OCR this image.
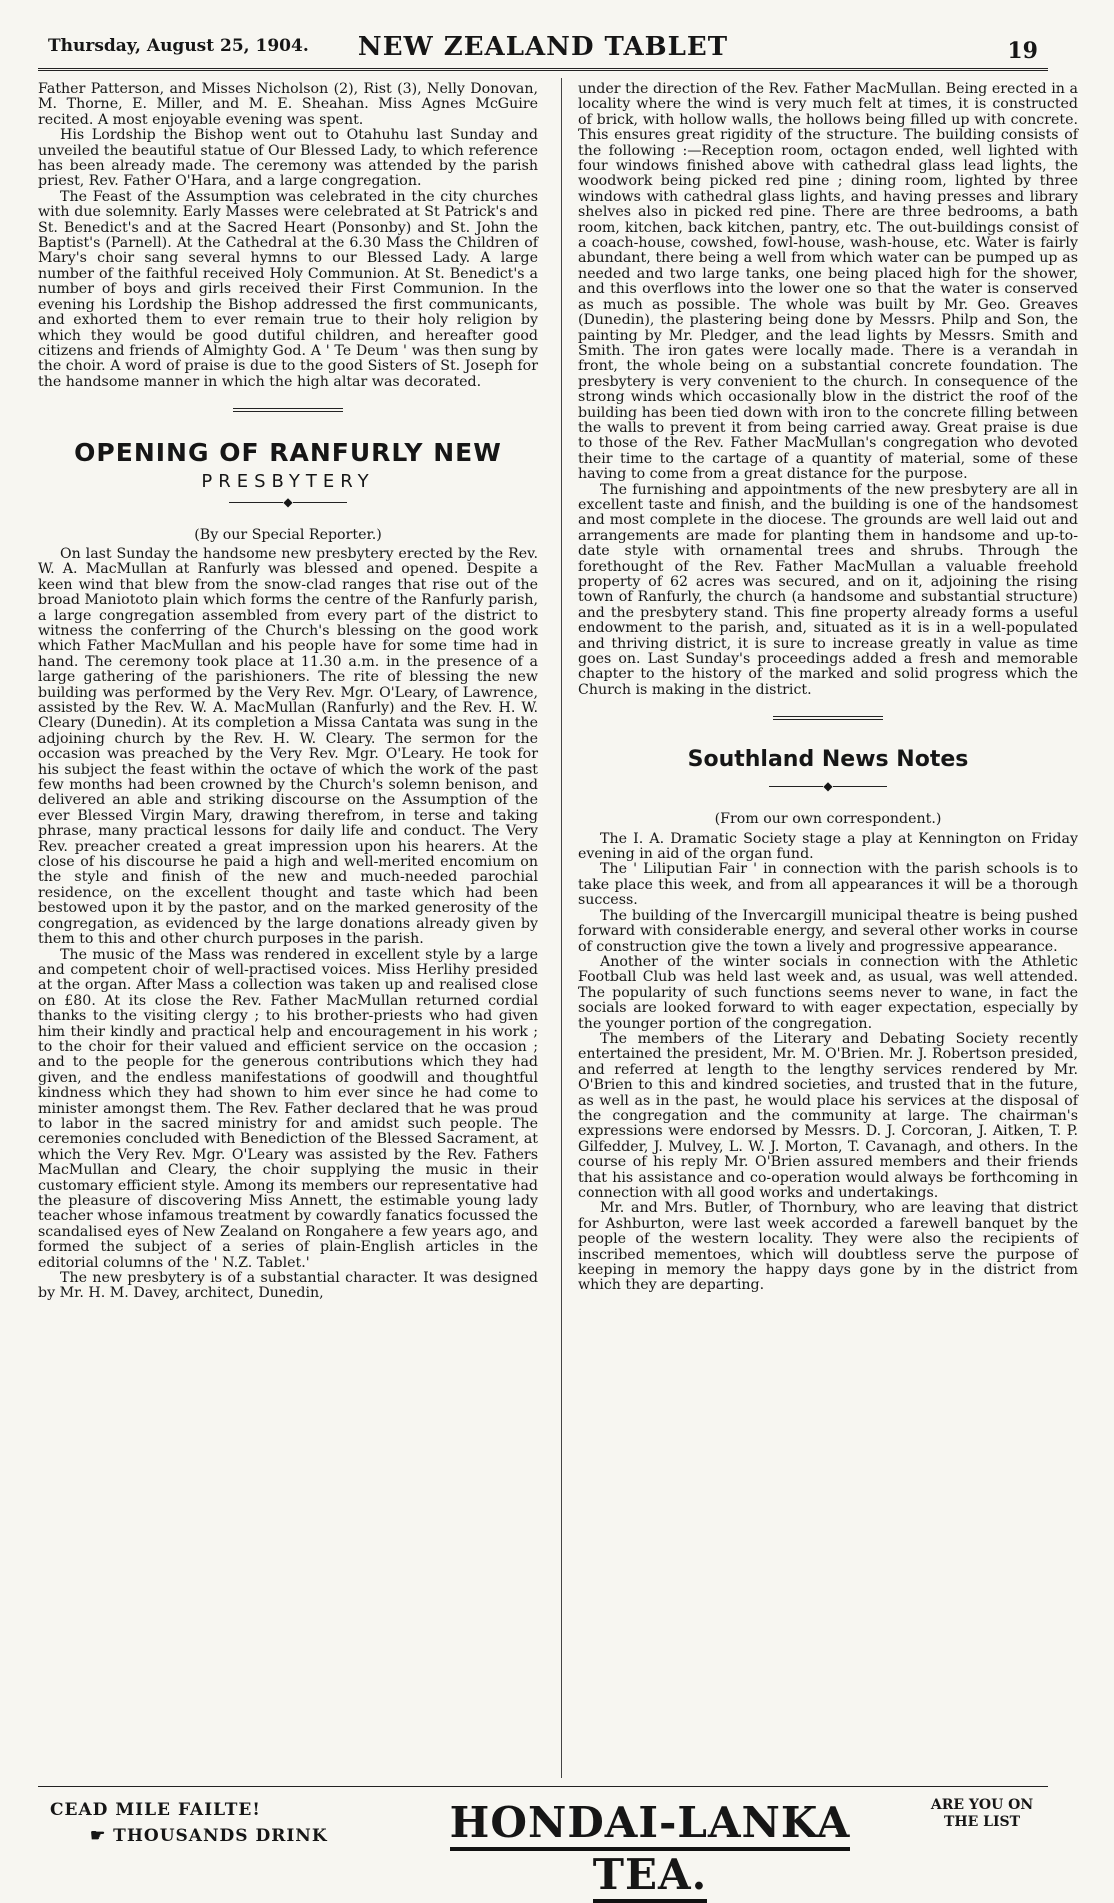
Thursday, August 25, 1904.	NEW ZEALAND TABLET	19

Father Patterson, and Misses Nicholson (2), Rist (3), Nelly Donovan, M. Thorne, E. Miller, and M. E. Sheahan. Miss Agnes McGuire recited. A most enjoyable evening was spent.

His Lordship the Bishop went out to Otahuhu last Sunday and unveiled the beautiful statue of Our Blessed Lady, to which reference has been already made. The ceremony was attended by the parish priest, Rev. Father O'Hara, and a large congregation.

The Feast of the Assumption was celebrated in the city churches with due solemnity. Early Masses were celebrated at St Patrick's and St. Benedict's and at the Sacred Heart (Ponsonby) and St. John the Baptist's (Parnell). At the Cathedral at the 6.30 Mass the Children of Mary's choir sang several hymns to our Blessed Lady. A large number of the faithful received Holy Communion. At St. Benedict's a number of boys and girls received their First Communion. In the evening his Lordship the Bishop addressed the first communicants, and exhorted them to ever remain true to their holy religion by which they would be good dutiful children, and hereafter good citizens and friends of Almighty God. A ' Te Deum ' was then sung by the choir. A word of praise is due to the good Sisters of St. Joseph for the handsome manner in which the high altar was decorated.

OPENING OF RANFURLY NEW
PRESBYTERY
◆
(By our Special Reporter.)

On last Sunday the handsome new presbytery erected by the Rev. W. A. MacMullan at Ranfurly was blessed and opened. Despite a keen wind that blew from the snow-clad ranges that rise out of the broad Maniototo plain which forms the centre of the Ranfurly parish, a large congregation assembled from every part of the district to witness the conferring of the Church's blessing on the good work which Father MacMullan and his people have for some time had in hand. The ceremony took place at 11.30 a.m. in the presence of a large gathering of the parishioners. The rite of blessing the new building was performed by the Very Rev. Mgr. O'Leary, of Lawrence, assisted by the Rev. W. A. MacMullan (Ranfurly) and the Rev. H. W. Cleary (Dunedin). At its completion a Missa Cantata was sung in the adjoining church by the Rev. H. W. Cleary. The sermon for the occasion was preached by the Very Rev. Mgr. O'Leary. He took for his subject the feast within the octave of which the work of the past few months had been crowned by the Church's solemn benison, and delivered an able and striking discourse on the Assumption of the ever Blessed Virgin Mary, drawing therefrom, in terse and taking phrase, many practical lessons for daily life and conduct. The Very Rev. preacher created a great impression upon his hearers. At the close of his discourse he paid a high and well-merited encomium on the style and finish of the new and much-needed parochial residence, on the excellent thought and taste which had been bestowed upon it by the pastor, and on the marked generosity of the congregation, as evidenced by the large donations already given by them to this and other church purposes in the parish.

The music of the Mass was rendered in excellent style by a large and competent choir of well-practised voices. Miss Herlihy presided at the organ. After Mass a collection was taken up and realised close on £80. At its close the Rev. Father MacMullan returned cordial thanks to the visiting clergy ; to his brother-priests who had given him their kindly and practical help and encouragement in his work ; to the choir for their valued and efficient service on the occasion ; and to the people for the generous contributions which they had given, and the endless manifestations of goodwill and thoughtful kindness which they had shown to him ever since he had come to minister amongst them. The Rev. Father declared that he was proud to labor in the sacred ministry for and amidst such people. The ceremonies concluded with Benediction of the Blessed Sacrament, at which the Very Rev. Mgr. O'Leary was assisted by the Rev. Fathers MacMullan and Cleary, the choir supplying the music in their customary efficient style. Among its members our representative had the pleasure of discovering Miss Annett, the estimable young lady teacher whose infamous treatment by cowardly fanatics focussed the scandalised eyes of New Zealand on Rongahere a few years ago, and formed the subject of a series of plain-English articles in the editorial columns of the ' N.Z. Tablet.'

The new presbytery is of a substantial character. It was designed by Mr. H. M. Davey, architect, Dunedin,

under the direction of the Rev. Father MacMullan. Being erected in a locality where the wind is very much felt at times, it is constructed of brick, with hollow walls, the hollows being filled up with concrete. This ensures great rigidity of the structure. The building consists of the following :—Reception room, octagon ended, well lighted with four windows finished above with cathedral glass lead lights, the woodwork being picked red pine ; dining room, lighted by three windows with cathedral glass lights, and having presses and library shelves also in picked red pine. There are three bedrooms, a bath room, kitchen, back kitchen, pantry, etc. The out-buildings consist of a coach-house, cowshed, fowl-house, wash-house, etc. Water is fairly abundant, there being a well from which water can be pumped up as needed and two large tanks, one being placed high for the shower, and this overflows into the lower one so that the water is conserved as much as possible. The whole was built by Mr. Geo. Greaves (Dunedin), the plastering being done by Messrs. Philp and Son, the painting by Mr. Pledger, and the lead lights by Messrs. Smith and Smith. The iron gates were locally made. There is a verandah in front, the whole being on a substantial concrete foundation. The presbytery is very convenient to the church. In consequence of the strong winds which occasionally blow in the district the roof of the building has been tied down with iron to the concrete filling between the walls to prevent it from being carried away. Great praise is due to those of the Rev. Father MacMullan's congregation who devoted their time to the cartage of a quantity of material, some of these having to come from a great distance for the purpose.

The furnishing and appointments of the new presbytery are all in excellent taste and finish, and the building is one of the handsomest and most complete in the diocese. The grounds are well laid out and arrangements are made for planting them in handsome and up-to-date style with ornamental trees and shrubs. Through the forethought of the Rev. Father MacMullan a valuable freehold property of 62 acres was secured, and on it, adjoining the rising town of Ranfurly, the church (a handsome and substantial structure) and the presbytery stand. This fine property already forms a useful endowment to the parish, and, situated as it is in a well-populated and thriving district, it is sure to increase greatly in value as time goes on. Last Sunday's proceedings added a fresh and memorable chapter to the history of the marked and solid progress which the Church is making in the district.

Southland News Notes
◆
(From our own correspondent.)

The I. A. Dramatic Society stage a play at Kennington on Friday evening in aid of the organ fund.

The ' Liliputian Fair ' in connection with the parish schools is to take place this week, and from all appearances it will be a thorough success.

The building of the Invercargill municipal theatre is being pushed forward with considerable energy, and several other works in course of construction give the town a lively and progressive appearance.

Another of the winter socials in connection with the Athletic Football Club was held last week and, as usual, was well attended. The popularity of such functions seems never to wane, in fact the socials are looked forward to with eager expectation, especially by the younger portion of the congregation.

The members of the Literary and Debating Society recently entertained the president, Mr. M. O'Brien. Mr. J. Robertson presided, and referred at length to the lengthy services rendered by Mr. O'Brien to this and kindred societies, and trusted that in the future, as well as in the past, he would place his services at the disposal of the congregation and the community at large. The chairman's expressions were endorsed by Messrs. D. J. Corcoran, J. Aitken, T. P. Gilfedder, J. Mulvey, L. W. J. Morton, T. Cavanagh, and others. In the course of his reply Mr. O'Brien assured members and their friends that his assistance and co-operation would always be forthcoming in connection with all good works and undertakings.

Mr. and Mrs. Butler, of Thornbury, who are leaving that district for Ashburton, were last week accorded a farewell banquet by the people of the western locality. They were also the recipients of inscribed mementoes, which will doubtless serve the purpose of keeping in memory the happy days gone by in the district from which they are departing.

CEAD MILE FAILTE!
☛ THOUSANDS DRINK	HONDAI-LANKA TEA.
ARE YOU ON
THE LIST
